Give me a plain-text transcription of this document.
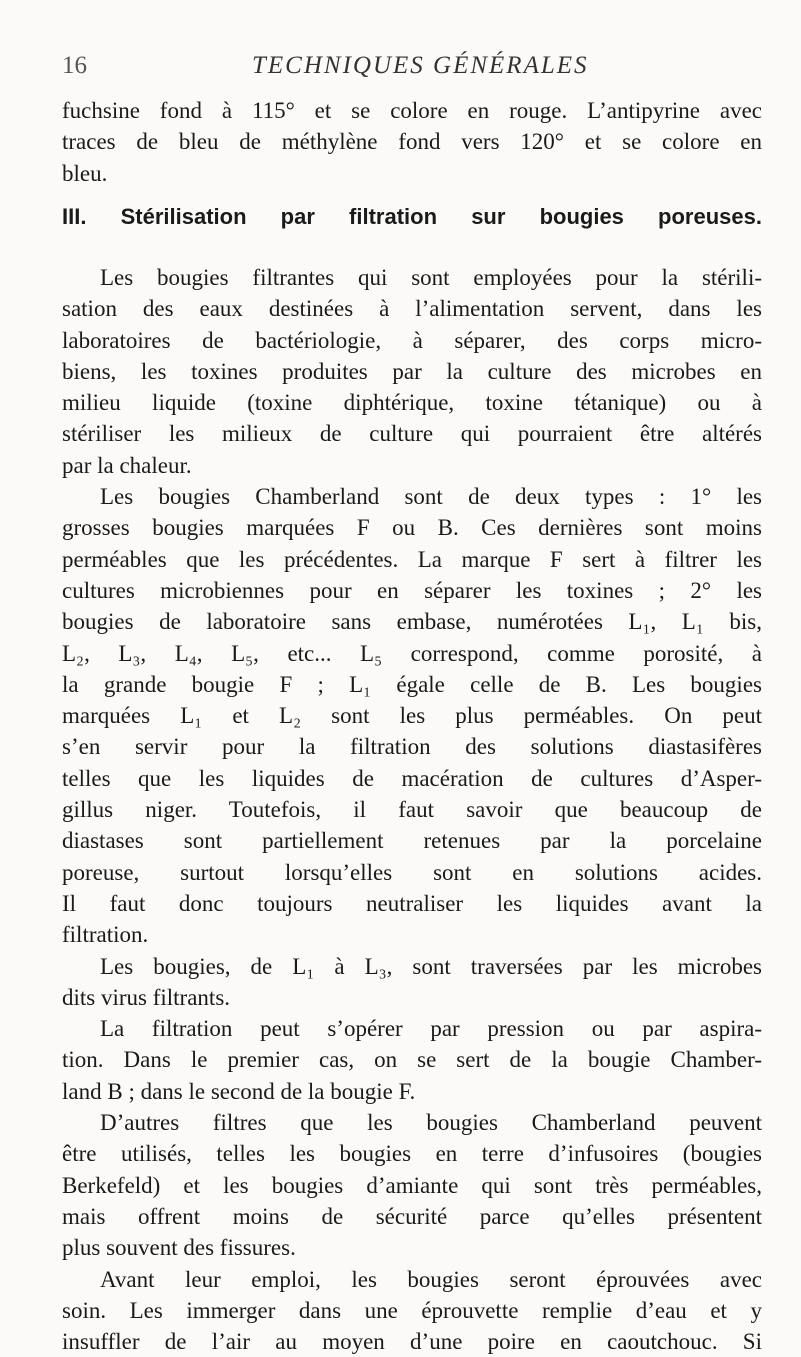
16	TECHNIQUES GÉNÉRALES
fuchsine fond à 115° et se colore en rouge. L’antipyrine avec
traces de bleu de méthylène fond vers 120° et se colore en
bleu.
III. Stérilisation par filtration sur bougies poreuses.
Les bougies filtrantes qui sont employées pour la stérili-
sation des eaux destinées à l’alimentation servent, dans les
laboratoires de bactériologie, à séparer, des corps micro-
biens, les toxines produites par la culture des microbes en
milieu liquide (toxine diphtérique, toxine tétanique) ou à
stériliser les milieux de culture qui pourraient être altérés
par la chaleur.
Les bougies Chamberland sont de deux types : 1° les
grosses bougies marquées F ou B. Ces dernières sont moins
perméables que les précédentes. La marque F sert à filtrer les
cultures microbiennes pour en séparer les toxines ; 2° les
bougies de laboratoire sans embase, numérotées L₁, L₁ bis,
L₂, L₃, L₄, L₅, etc... L₅ correspond, comme porosité, à
la grande bougie F ; L₁ égale celle de B. Les bougies
marquées L₁ et L₂ sont les plus perméables. On peut
s’en servir pour la filtration des solutions diastasifères
telles que les liquides de macération de cultures d’Asper-
gillus niger. Toutefois, il faut savoir que beaucoup de
diastases sont partiellement retenues par la porcelaine
poreuse, surtout lorsqu’elles sont en solutions acides.
Il faut donc toujours neutraliser les liquides avant la
filtration.
Les bougies, de L₁ à L₃, sont traversées par les microbes
dits virus filtrants.
La filtration peut s’opérer par pression ou par aspira-
tion. Dans le premier cas, on se sert de la bougie Chamber-
land B ; dans le second de la bougie F.
D’autres filtres que les bougies Chamberland peuvent
être utilisés, telles les bougies en terre d’infusoires (bougies
Berkefeld) et les bougies d’amiante qui sont très perméables,
mais offrent moins de sécurité parce qu’elles présentent
plus souvent des fissures.
Avant leur emploi, les bougies seront éprouvées avec
soin. Les immerger dans une éprouvette remplie d’eau et y
insuffler de l’air au moyen d’une poire en caoutchouc. Si
